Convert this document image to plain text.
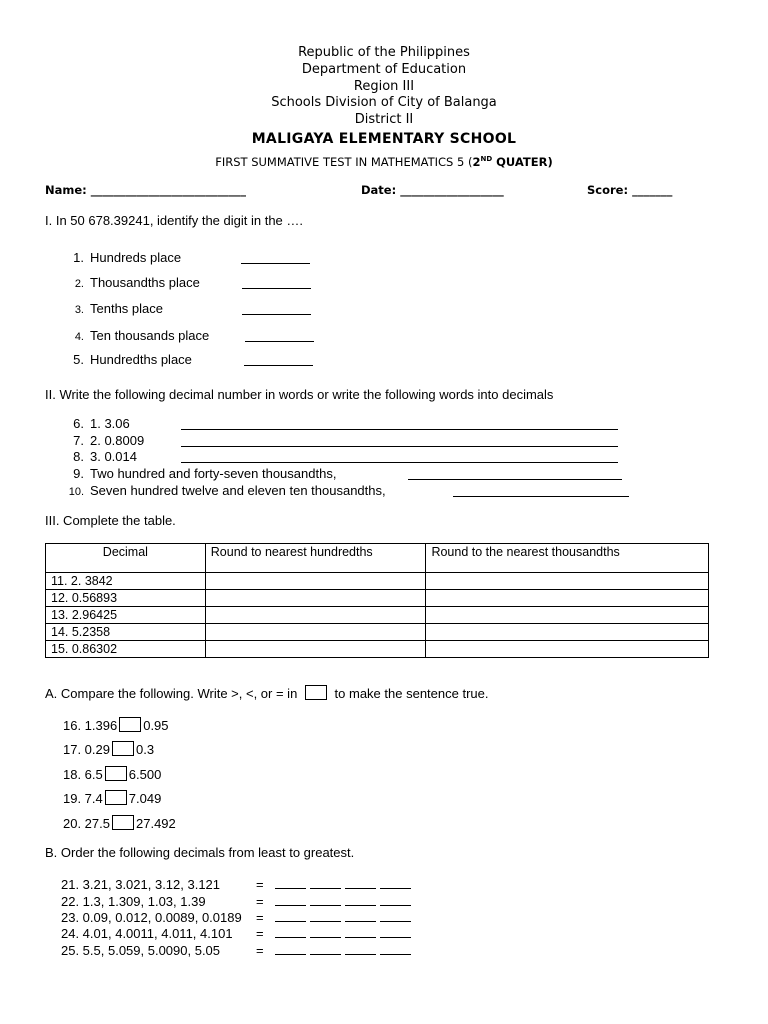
Republic of the Philippines
Department of Education
Region III
Schools Division of City of Balanga
District II
MALIGAYA ELEMENTARY SCHOOL
FIRST SUMMATIVE TEST IN MATHEMATICS 5 (2ND QUATER)
Name: ___________________________	Date: __________________	Score: _______
I. In 50 678.39241, identify the digit in the ….
1. Hundreds place
2. Thousandths place
3. Tenths place
4. Ten thousands place
5. Hundredths place
II. Write the following decimal number in words or write the following words into decimals
6. 1. 3.06
7. 2. 0.8009
8. 3. 0.014
9. Two hundred and forty-seven thousandths,
10. Seven hundred twelve and eleven ten thousandths,
III. Complete the table.
Decimal	Round to nearest hundredths	Round to the nearest thousandths
11. 2. 3842		
12. 0.56893		
13. 2.96425		
14. 5.2358		
15. 0.86302		
A. Compare the following. Write >, <, or = in	to make the sentence true.
16. 1.396 0.95
17. 0.29 0.3
18. 6.5 6.500
19. 7.4 7.049
20. 27.5 27.492
B. Order the following decimals from least to greatest.
21. 3.21, 3.021, 3.12, 3.121	=
22. 1.3, 1.309, 1.03, 1.39	=
23. 0.09, 0.012, 0.0089, 0.0189 =
24. 4.01, 4.0011, 4.011, 4.101 =
25. 5.5, 5.059, 5.0090, 5.05	=
